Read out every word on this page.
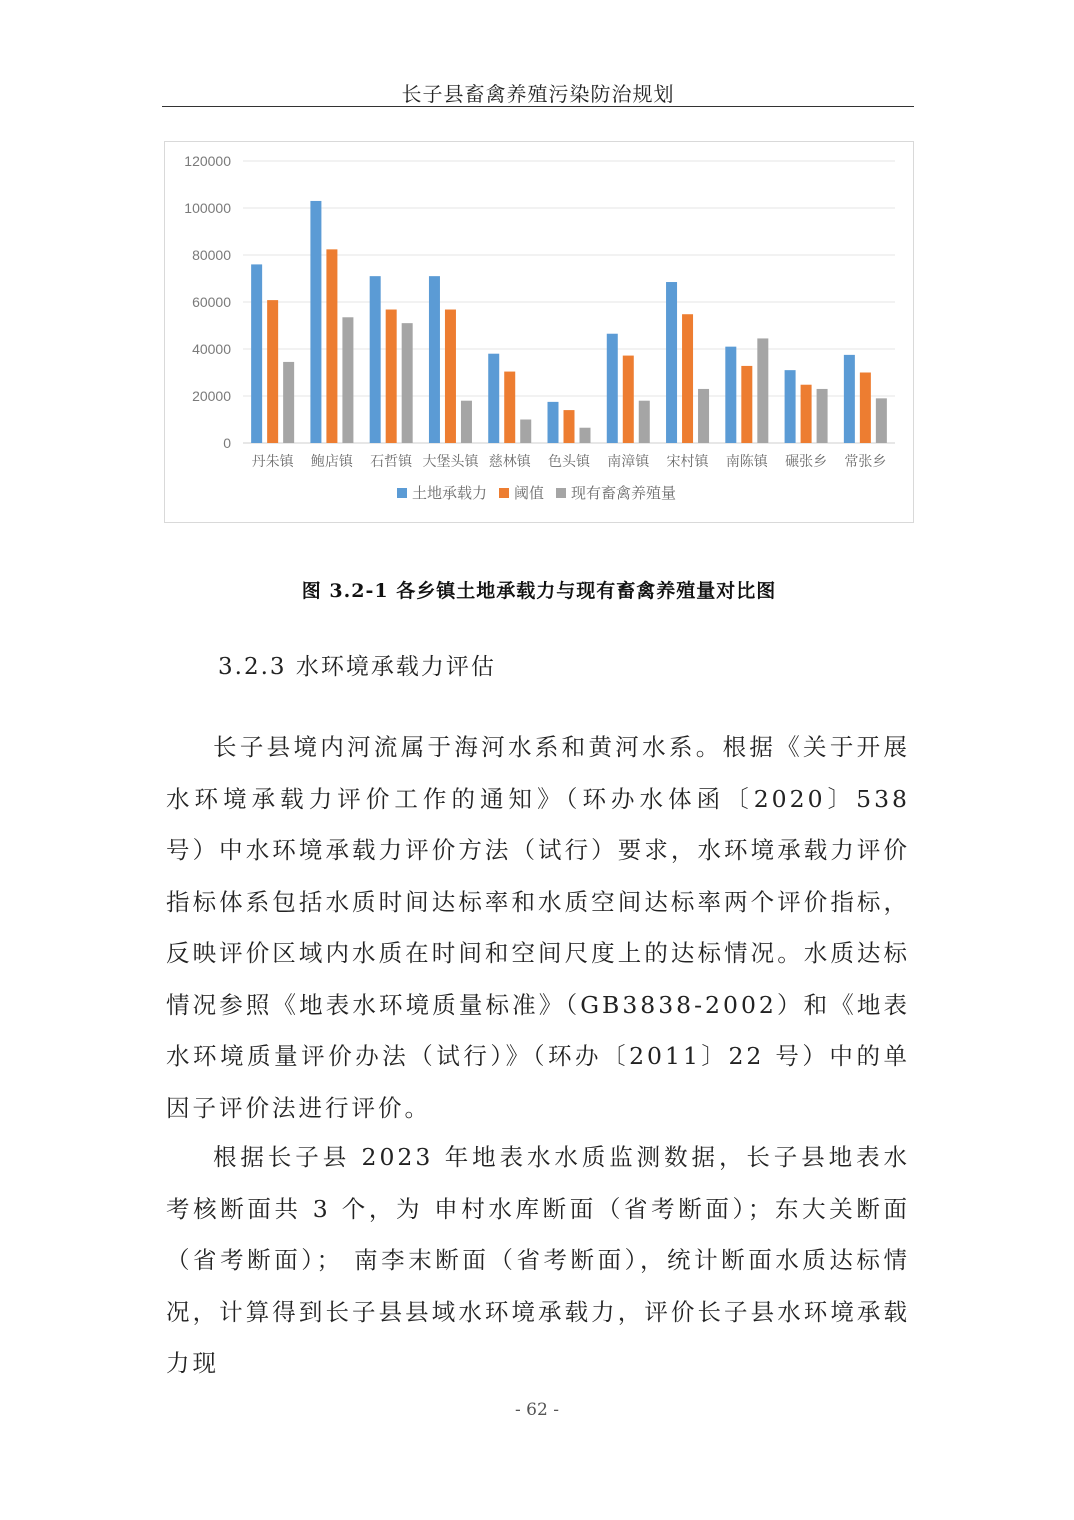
长子县畜禽养殖污染防治规划
0
20000
40000
60000
80000
100000
120000
丹朱镇 鲍店镇 石哲镇 大堡头镇 慈林镇 色头镇 南漳镇 宋村镇 南陈镇 碾张乡 常张乡
土地承载力 阈值 现有畜禽养殖量
图 3.2-1 各乡镇土地承载力与现有畜禽养殖量对比图
3.2.3 水环境承载力评估

长子县境内河流属于海河水系和黄河水系。根据《关于开展水环境承载力评价工作的通知》（环办水体函〔2020〕538 号）中水环境承载力评价方法（试行）要求，水环境承载力评价指标体系包括水质时间达标率和水质空间达标率两个评价指标，反映评价区域内水质在时间和空间尺度上的达标情况。水质达标情况参照《地表水环境质量标准》（GB3838-2002）和《地表水环境质量评价办法（试行）》（环办〔2011〕22 号）中的单因子评价法进行评价。

根据长子县 2023 年地表水水质监测数据，长子县地表水考核断面共 3 个，为 申村水库断面（省考断面）；东大关断面（省考断面）； 南李末断面（省考断面），统计断面水质达标情况，计算得到长子县县域水环境承载力，评价长子县水环境承载力现

- 62 -
